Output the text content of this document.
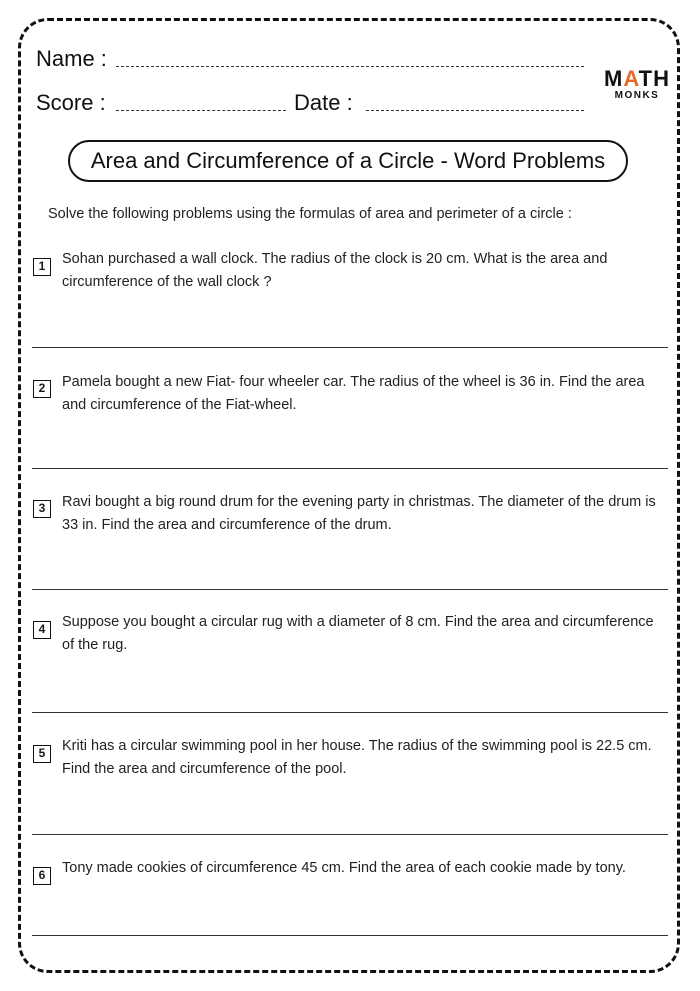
Name :
Score :	Date :
MATH
MONKS
Area and Circumference of a Circle - Word Problems
Solve the following problems using the formulas of area and perimeter of a circle :
1	Sohan purchased a wall clock. The radius of the clock is 20 cm. What is the area and circumference of the wall clock ?
2	Pamela bought a new Fiat- four wheeler car. The radius of the wheel is 36 in. Find the area and circumference of the Fiat-wheel.
3	Ravi bought a big round drum for the evening party in christmas. The diameter of the drum is 33 in. Find the area and circumference of the drum.
4	Suppose you bought a circular rug with a diameter of 8 cm. Find the area and circumference of the rug.
5	Kriti has a circular swimming pool in her house. The radius of the swimming pool is 22.5 cm. Find the area and circumference of the pool.
6	Tony made cookies of circumference 45 cm. Find the area of each cookie made by tony.
